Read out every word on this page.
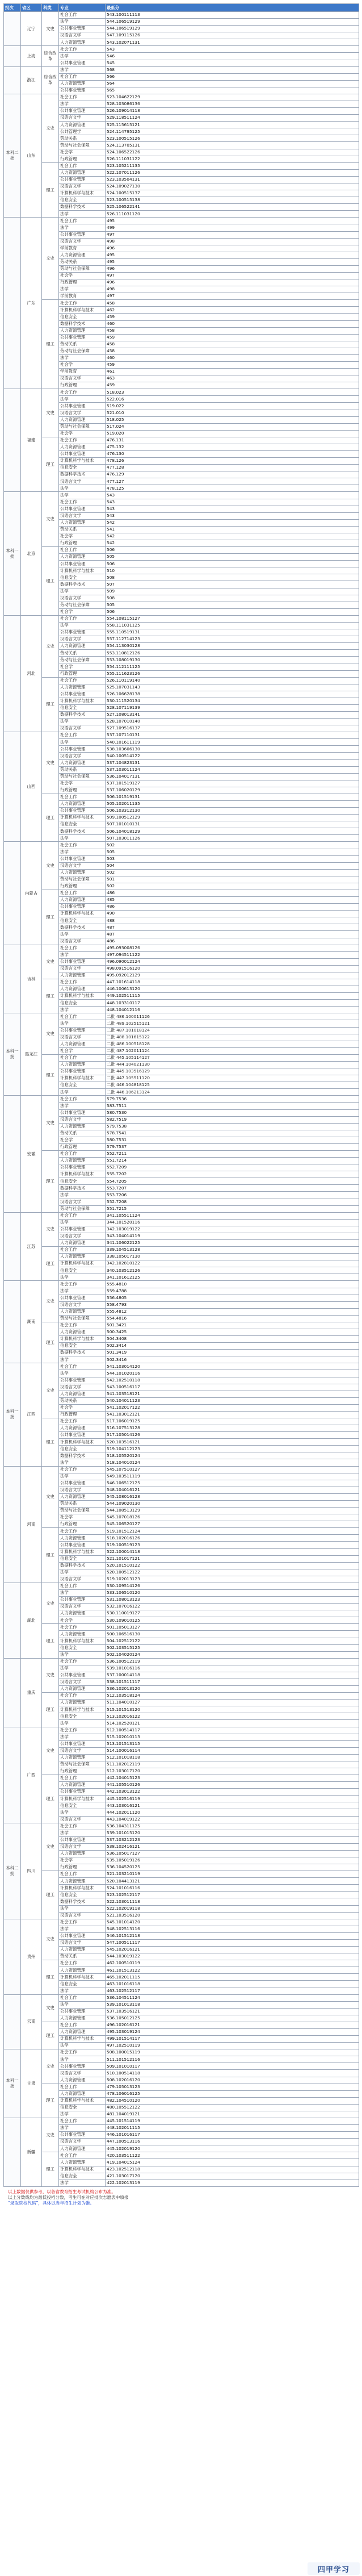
批次	省区	科类	专业	最低分
	辽宁	文史	社会工作	543.100111113
			法学	544.106519129
			公共事业管理	544.106519129
			汉语言文学	547.109115126
			人力资源管理	543.102071131
	上海	综合改革	社会工作	543
			法学	546
			公共事业管理	545
	浙江	综合改革	法学	568
			社会工作	566
			人力资源管理	564
			公共事业管理	565
本科二批	山东	文史	社会工作	523.104622129
			法学	528.103086136
			公共事业管理	526.109014118
			汉语言文学	529.118511124
			人力资源管理	525.115615121
			公共管理学	524.114795125
			劳动关系	523.100515126
			劳动与社会保障	524.113705131
			社会学	524.106522126
			行政管理	526.111031122
		理工	社会工作	523.105211135
			人力资源管理	522.107011126
			公共事业管理	523.103504131
			汉语言文学	524.109027130
			计算机科学与技术	524.100515137
			信息安全	523.100515138
			数据科学技术	525.106522141
			法学	526.111031120
	广东	文史	社会工作	495
			法学	499
			公共事业管理	497
			汉语言文学	498
			学前教育	496
			人力资源管理	495
			劳动关系	495
			劳动与社会保障	496
			社会学	497
			行政管理	496
			法学	498
			学前教育	497
		理工	社会工作	458
			计算机科学与技术	462
			信息安全	459
			数据科学技术	460
			人力资源管理	458
			公共事业管理	459
			劳动关系	458
			劳动与社会保障	458
			法学	460
			社会学	459
			学前教育	461
			汉语言文学	463
			行政管理	459
	福建	文史	社会工作	518.023
			法学	522.016
			公共事业管理	519.022
			汉语言文学	521.010
			人力资源管理	518.025
			劳动与社会保障	517.024
			社会学	519.020
		理工	社会工作	476.131
			人力资源管理	475.132
			公共事业管理	476.130
			计算机科学与技术	478.126
			信息安全	477.128
			数据科学技术	476.129
			汉语言文学	477.127
			法学	478.125
本科一批	北京	文史	法学	543
			社会工作	543
			公共事业管理	543
			汉语言文学	543
			人力资源管理	542
			劳动关系	541
			社会学	542
			行政管理	542
		理工	社会工作	506
			人力资源管理	505
			公共事业管理	506
			计算机科学与技术	510
			信息安全	508
			数据科学技术	507
			法学	509
			汉语言文学	508
			劳动与社会保障	505
			社会学	506
	河北	文史	社会工作	554.108115127
			法学	558.111031125
			公共事业管理	555.110519131
			汉语言文学	557.112714123
			人力资源管理	554.113030128
			劳动关系	553.110812126
			劳动与社会保障	553.108019130
			社会学	554.112111125
			行政管理	555.111623126
		理工	社会工作	526.110119140
			人力资源管理	525.107031143
			公共事业管理	526.106628138
			计算机科学与技术	530.111520134
			信息安全	528.107119139
			数据科学技术	527.108013141
			法学	528.107010140
			汉语言文学	527.109516137
	山西	文史	社会工作	537.107110131
			法学	540.101611119
			公共事业管理	538.103606130
			汉语言文学	540.100514122
			人力资源管理	537.104823131
			劳动关系	537.103011124
			劳动与社会保障	536.104017131
			社会学	537.101519127
			行政管理	537.106020129
		理工	社会工作	506.101519131
			人力资源管理	505.102011135
			公共事业管理	506.103312130
			计算机科学与技术	509.100512129
			信息安全	507.101010131
			数据科学技术	506.104018129
			法学	507.103011126
	内蒙古	文史	社会工作	502
			法学	505
			公共事业管理	503
			汉语言文学	504
			人力资源管理	502
			劳动与社会保障	501
			行政管理	502
		理工	社会工作	486
			人力资源管理	485
			公共事业管理	486
			计算机科学与技术	490
			信息安全	488
			数据科学技术	487
			法学	487
			汉语言文学	486
	吉林	文史	社会工作	495.093008126
			法学	497.094511122
			公共事业管理	496.090012124
			汉语言文学	498.091516120
			人力资源管理	495.092012129
		理工	社会工作	447.101614118
			人力资源管理	446.100613120
			计算机科学与技术	449.102511115
			信息安全	448.103310117
			法学	448.104012116
本科一批	黑龙江	文史	社会工作	二批 486.100011126
			法学	二批 489.102515121
			公共事业管理	二批 487.101018124
			汉语言文学	二批 488.101615122
			人力资源管理	二批 486.100518128
			社会学	二批 487.102011124
		理工	社会工作	二批 445.105114127
			人力资源管理	二批 444.104021130
			公共事业管理	二批 445.103516129
			计算机科学与技术	二批 447.105511120
			信息安全	二批 446.104818125
			法学	二批 446.106213124
	安徽	文史	社会工作	579.7536
			法学	583.7511
			公共事业管理	580.7530
			汉语言文学	582.7519
			人力资源管理	579.7538
			劳动关系	578.7541
			社会学	580.7531
			行政管理	579.7537
		理工	社会工作	552.7211
			人力资源管理	551.7214
			公共事业管理	552.7209
			计算机科学与技术	555.7202
			信息安全	554.7205
			数据科学技术	553.7207
			法学	553.7206
			汉语言文学	552.7208
			劳动与社会保障	551.7215
	江苏	文史	社会工作	341.105511124
			法学	344.101520116
			公共事业管理	342.103019122
			汉语言文学	343.104014119
			人力资源管理	341.106022125
		理工	社会工作	339.104513128
			人力资源管理	338.105017130
			计算机科学与技术	342.102810122
			信息安全	340.103512126
			法学	341.101612125
	湖南	文史	社会工作	555.4810
			法学	559.4788
			公共事业管理	556.4805
			汉语言文学	558.4793
			人力资源管理	555.4812
			劳动与社会保障	554.4816
		理工	社会工作	501.3421
			人力资源管理	500.3425
			计算机科学与技术	504.3408
			信息安全	502.3414
			数据科学技术	501.3419
			法学	502.3416
本科一批	江西	文史	社会工作	541.103014120
			法学	544.101020116
			公共事业管理	542.102510118
			汉语言文学	543.100516117
			人力资源管理	541.103518121
			劳动关系	540.104011123
			社会学	541.102017122
			行政管理	541.103012121
		理工	社会工作	517.106019125
			人力资源管理	516.107513128
			公共事业管理	517.105014126
			计算机科学与技术	520.103516121
			信息安全	519.104112123
			数据科学技术	518.105520124
			法学	518.104010124
	河南	文史	社会工作	545.107510127
			法学	549.103511119
			公共事业管理	546.106512125
			汉语言文学	548.104016121
			人力资源管理	545.108016128
			劳动关系	544.109020130
			劳动与社会保障	544.108513129
			社会学	545.107018126
			行政管理	545.106520127
		理工	社会工作	519.101512124
			人力资源管理	518.102016126
			公共事业管理	519.100519123
			计算机科学与技术	522.100014118
			信息安全	521.101017121
			数据科学技术	520.101510122
			法学	520.100512122
			汉语言文学	519.102013123
	湖北	文史	社会工作	530.109514126
			法学	533.106510120
			公共事业管理	531.108013123
			汉语言文学	532.107016122
			人力资源管理	530.110019127
			社会学	530.109010125
		理工	社会工作	501.105013127
			人力资源管理	500.106516130
			计算机科学与技术	504.102512122
			信息安全	502.103515125
			法学	502.104020124
	重庆	文史	社会工作	536.100512119
			法学	539.101016116
			公共事业管理	537.100014118
			汉语言文学	538.101511117
			人力资源管理	536.102013120
		理工	社会工作	512.103518124
			人力资源管理	511.104010127
			计算机科学与技术	515.101513120
			信息安全	513.102016122
			法学	514.102520121
	广西	文史	社会工作	512.100514117
			法学	515.102010113
			公共事业管理	513.101513115
			汉语言文学	514.100016114
			人力资源管理	512.101018118
			劳动与社会保障	511.102012119
			行政管理	512.103017120
		理工	社会工作	442.104015123
			人力资源管理	441.105510126
			公共事业管理	442.103013122
			计算机科学与技术	445.102516119
			信息安全	443.103016121
			法学	444.102011120
			汉语言文学	443.104019122
本科二批	四川	文史	社会工作	536.104311125
			法学	539.101015120
			公共事业管理	537.103212123
			汉语言文学	538.102416121
			人力资源管理	536.105017127
			社会学	535.105019126
			行政管理	536.104520125
		理工	社会工作	521.103210119
			人力资源管理	520.104413121
			计算机科学与技术	524.101016116
			信息安全	523.102512117
			数据科学技术	522.103011118
			法学	522.102019118
			汉语言文学	521.103516120
	贵州	文史	社会工作	545.101014120
			法学	548.102513116
			公共事业管理	546.101512118
			汉语言文学	547.100511117
			人力资源管理	545.102016121
			劳动关系	544.103019122
		理工	社会工作	462.100510119
			人力资源管理	461.101513122
			计算机科学与技术	465.102011115
			信息安全	463.101016118
			法学	463.102512117
	云南	文史	社会工作	536.104511124
			法学	539.101013118
			公共事业管理	537.103516121
			人力资源管理	536.105012125
		理工	社会工作	496.102016121
			人力资源管理	495.103019124
			计算机科学与技术	499.101514117
			法学	497.102510119
本科一批	甘肃	文史	社会工作	508.100015119
			法学	511.101512116
			公共事业管理	509.101010117
			汉语言文学	510.100514118
			人力资源管理	508.102016120
		理工	社会工作	479.105013123
			人力资源管理	478.106016125
			计算机科学与技术	482.104510120
			信息安全	480.105512122
			法学	481.104019121
	新疆	文史	社会工作	445.101514119
			法学	448.102011115
			公共事业管理	446.101016117
			汉语言文学	447.100513116
			人力资源管理	445.102019120
		理工	社会工作	420.103511122
			人力资源管理	419.104015124
			计算机科学与技术	423.102512118
			信息安全	421.103017120
			法学	422.102013119
以上数据仅供参考，以各省教育招生考试机构公布为准。
以上分数线均为最低投档分数，考生可在对应批次志愿表中填报
“录取院校代码”，具体以当年招生计划为准。
四甲学习
